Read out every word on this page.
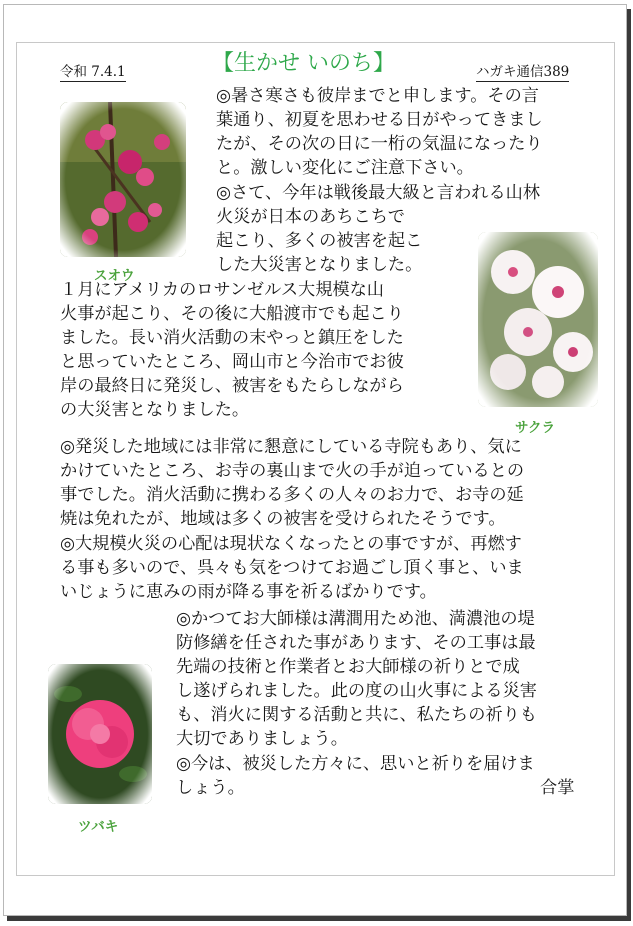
令和 7.4.1	【生かせ いのち】	ハガキ通信389
スオウ
サクラ
ツバキ
◎暑さ寒さも彼岸までと申します。その言
葉通り、初夏を思わせる日がやってきまし
たが、その次の日に一桁の気温になったり
と。激しい変化にご注意下さい。
◎さて、今年は戦後最大級と言われる山林
火災が日本のあちこちで
起こり、多くの被害を起こ
した大災害となりました。
１月にアメリカのロサンゼルス大規模な山
火事が起こり、その後に大船渡市でも起こり
ました。長い消火活動の末やっと鎮圧をした
と思っていたところ、岡山市と今治市でお彼
岸の最終日に発災し、被害をもたらしながら
の大災害となりました。
◎発災した地域には非常に懇意にしている寺院もあり、気に
かけていたところ、お寺の裏山まで火の手が迫っているとの
事でした。消火活動に携わる多くの人々のお力で、お寺の延
焼は免れたが、地域は多くの被害を受けられたそうです。
◎大規模火災の心配は現状なくなったとの事ですが、再燃す
る事も多いので、呉々も気をつけてお過ごし頂く事と、いま
いじょうに恵みの雨が降る事を祈るばかりです。
◎かつてお大師様は溝澗用ため池、満濃池の堤
防修繕を任された事があります、その工事は最
先端の技術と作業者とお大師様の祈りとで成
し遂げられました。此の度の山火事による災害
も、消火に関する活動と共に、私たちの祈りも
大切でありましょう。
◎今は、被災した方々に、思いと祈りを届けま
しょう。	合掌
